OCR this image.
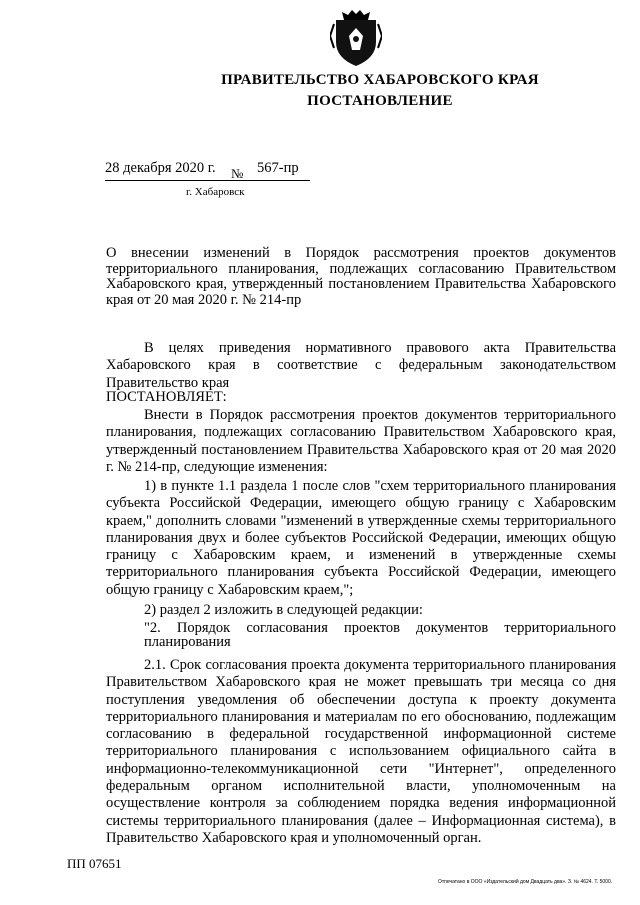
ПРАВИТЕЛЬСТВО ХАБАРОВСКОГО КРАЯ
ПОСТАНОВЛЕНИЕ
28 декабря 2020 г. № 567-пр
г. Хабаровск
О внесении изменений в Порядок рассмотрения проектов документов территориального планирования, подлежащих согласованию Правительством Хабаровского края, утвержденный постановлением Правительства Хабаровского края от 20 мая 2020 г. № 214-пр
В целях приведения нормативного правового акта Правительства Хабаровского края в соответствие с федеральным законодательством Правительство края
ПОСТАНОВЛЯЕТ:
Внести в Порядок рассмотрения проектов документов территориального планирования, подлежащих согласованию Правительством Хабаровского края, утвержденный постановлением Правительства Хабаровского края от 20 мая 2020 г. № 214-пр, следующие изменения:
1) в пункте 1.1 раздела 1 после слов "схем территориального планирования субъекта Российской Федерации, имеющего общую границу с Хабаровским краем," дополнить словами "изменений в утвержденные схемы территориального планирования двух и более субъектов Российской Федерации, имеющих общую границу с Хабаровским краем, и изменений в утвержденные схемы территориального планирования субъекта Российской Федерации, имеющего общую границу с Хабаровским краем,";
2) раздел 2 изложить в следующей редакции:
"2. Порядок согласования проектов документов территориального планирования
2.1. Срок согласования проекта документа территориального планирования Правительством Хабаровского края не может превышать три месяца со дня поступления уведомления об обеспечении доступа к проекту документа территориального планирования и материалам по его обоснованию, подлежащим согласованию в федеральной государственной информационной системе территориального планирования с использованием официального сайта в информационно-телекоммуникационной сети "Интернет", определенного федеральным органом исполнительной власти, уполномоченным на осуществление контроля за соблюдением порядка ведения информационной системы территориального планирования (далее – Информационная система), в Правительство Хабаровского края и уполномоченный орган.
ПП 07651
Отпечатано в ООО «Издательский дом Двадцать два». З. № 4624. Т. 5000.
